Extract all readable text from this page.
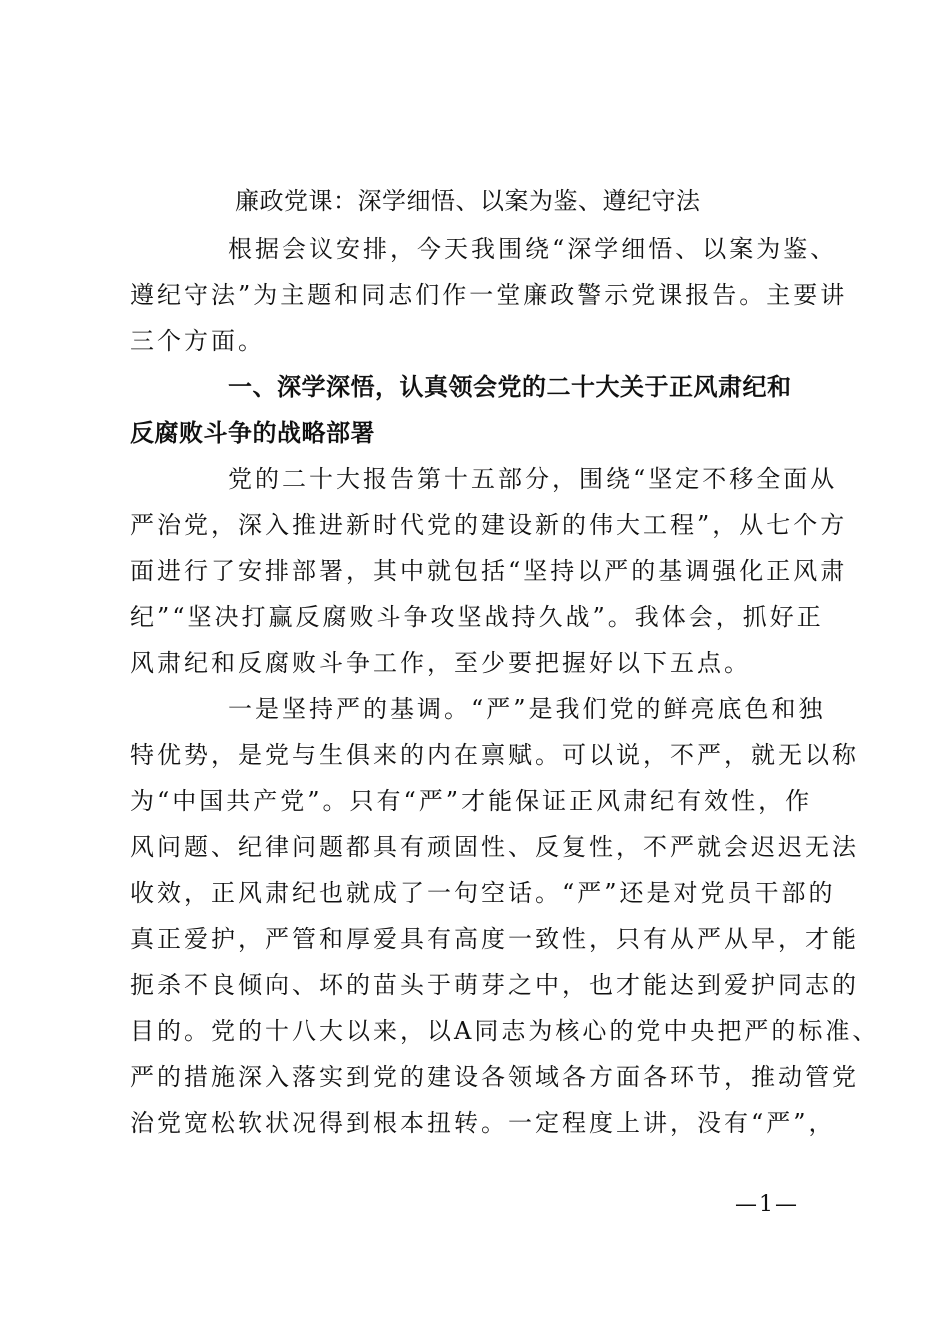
廉政党课：深学细悟、以案为鉴、遵纪守法
根据会议安排，今天我围绕“深学细悟、以案为鉴、
遵纪守法”为主题和同志们作一堂廉政警示党课报告。主要讲
三个方面。
一、深学深悟，认真领会党的二十大关于正风肃纪和
反腐败斗争的战略部署
党的二十大报告第十五部分，围绕“坚定不移全面从
严治党，深入推进新时代党的建设新的伟大工程”，从七个方
面进行了安排部署，其中就包括“坚持以严的基调强化正风肃
纪”“坚决打赢反腐败斗争攻坚战持久战”。我体会，抓好正
风肃纪和反腐败斗争工作，至少要把握好以下五点。
一是坚持严的基调。“严”是我们党的鲜亮底色和独
特优势，是党与生俱来的内在禀赋。可以说，不严，就无以称
为“中国共产党”。只有“严”才能保证正风肃纪有效性，作
风问题、纪律问题都具有顽固性、反复性，不严就会迟迟无法
收效，正风肃纪也就成了一句空话。“严”还是对党员干部的
真正爱护，严管和厚爱具有高度一致性，只有从严从早，才能
扼杀不良倾向、坏的苗头于萌芽之中，也才能达到爱护同志的
目的。党的十八大以来，以A同志为核心的党中央把严的标准、
严的措施深入落实到党的建设各领域各方面各环节，推动管党
治党宽松软状况得到根本扭转。一定程度上讲，没有“严”，
—1—
